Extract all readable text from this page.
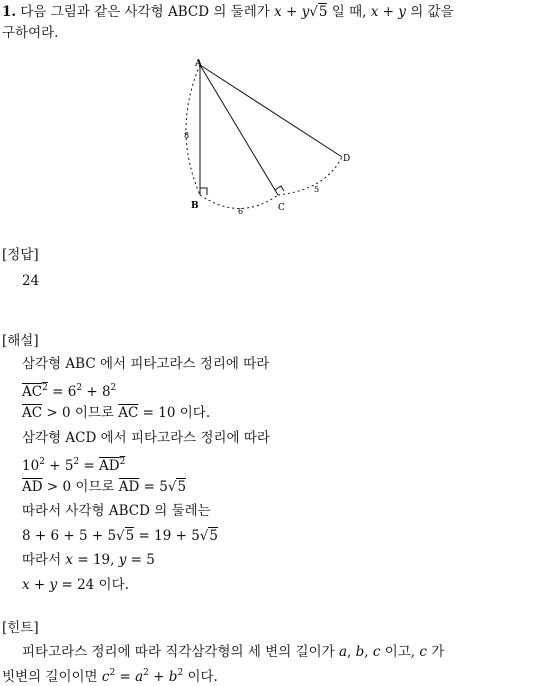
1. 다음 그림과 같은 사각형 ABCD 의 둘레가 x + y√5 일 때, x + y 의 값을
구하여라.
A
B	C
D
8
6
5
[정답]
24
[해설]
삼각형 ABC 에서 피타고라스 정리에 따라
$AC^2 = 6^2 + 8^2$
$\overline{AC} > 0$ 이므로 $\overline{AC} = 10$ 이다.
삼각형 ACD 에서 피타고라스 정리에 따라
$10^2 + 5^2 = AD^2$
$\overline{AD} > 0$ 이므로 $\overline{AD} = 5√5$
따라서 사각형 ABCD 의 둘레는
8 + 6 + 5 + 5√5 = 19 + 5√5
따라서 x = 19, y = 5
x + y = 24 이다.
[힌트]
피타고라스 정리에 따라 직각삼각형의 세 변의 길이가 a, b, c 이고, c 가
빗변의 길이이면 $c^2 = a^2 + b^2$ 이다.
